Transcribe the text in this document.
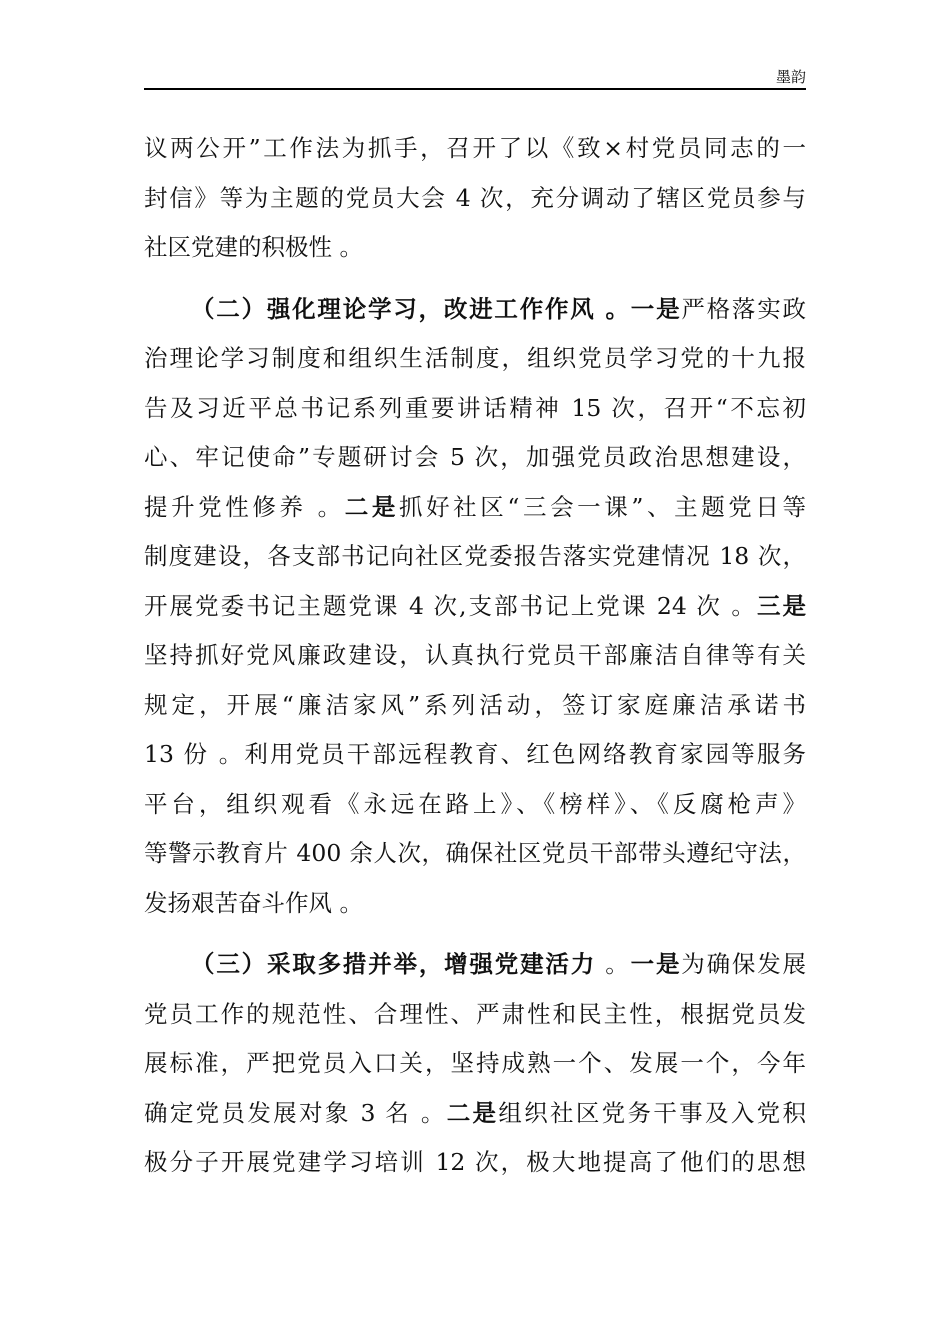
墨韵
议两公开”工作法为抓手，召开了以《致×村党员同志的一
封信》等为主题的党员大会 4 次，充分调动了辖区党员参与
社区党建的积极性 。
（二）强化理论学习，改进工作作风 。一是严格落实政
治理论学习制度和组织生活制度，组织党员学习党的十九报
告及习近平总书记系列重要讲话精神 15 次，召开“不忘初
心、牢记使命”专题研讨会 5 次，加强党员政治思想建设，
提升党性修养 。二是抓好社区“三会一课”、主题党日等
制度建设，各支部书记向社区党委报告落实党建情况 18 次，
开展党委书记主题党课 4 次,支部书记上党课 24 次 。三是
坚持抓好党风廉政建设，认真执行党员干部廉洁自律等有关
规定，开展“廉洁家风”系列活动，签订家庭廉洁承诺书
13 份 。利用党员干部远程教育、红色网络教育家园等服务
平台，组织观看《永远在路上》、《榜样》、《反腐枪声》
等警示教育片 400 余人次，确保社区党员干部带头遵纪守法，
发扬艰苦奋斗作风 。
（三）采取多措并举，增强党建活力 。一是为确保发展
党员工作的规范性、合理性、严肃性和民主性，根据党员发
展标准，严把党员入口关，坚持成熟一个、发展一个，今年
确定党员发展对象 3 名 。二是组织社区党务干事及入党积
极分子开展党建学习培训 12 次，极大地提高了他们的思想
